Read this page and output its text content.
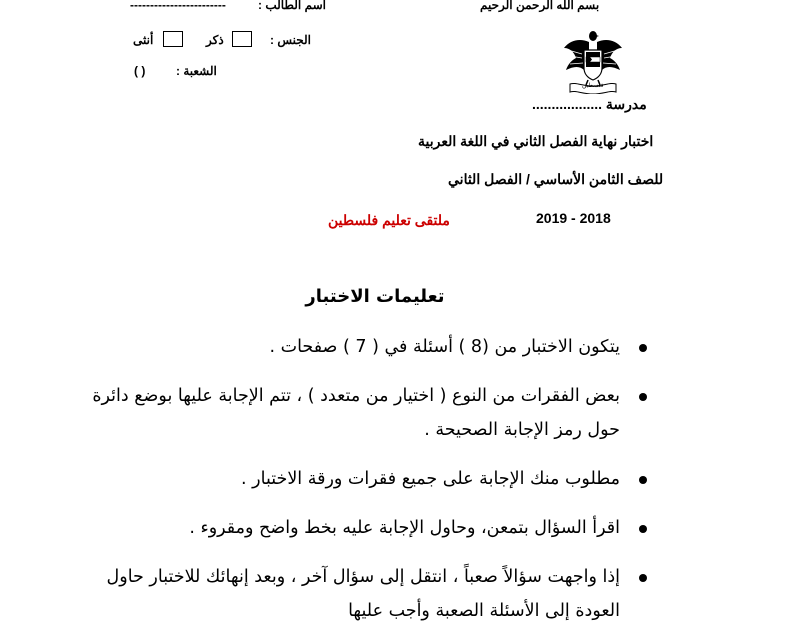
بسم الله الرحمن الرحيم
------------------------	اسم الطالب :
الجنس :
ذكر
أنثى
الشعبة :
( )
فلسطين
مدرسة ..................
اختبار نهاية الفصل الثاني في اللغة العربية
للصف الثامن الأساسي / الفصل الثاني
2019 - 2018
ملتقى تعليم فلسطين
تعليمات الاختبار
يتكون الاختبار من (8 ) أسئلة في ( 7 ) صفحات .
بعض الفقرات من النوع ( اختيار من متعدد ) ، تتم الإجابة عليها بوضع دائرة حول رمز الإجابة الصحيحة .
مطلوب منك الإجابة على جميع فقرات ورقة الاختبار .
اقرأ السؤال بتمعن، وحاول الإجابة عليه بخط واضح ومقروء .
إذا واجهت سؤالاً صعباً ، انتقل إلى سؤال آخر ، وبعد إنهائك للاختبار حاول العودة إلى الأسئلة الصعبة وأجب عليها
